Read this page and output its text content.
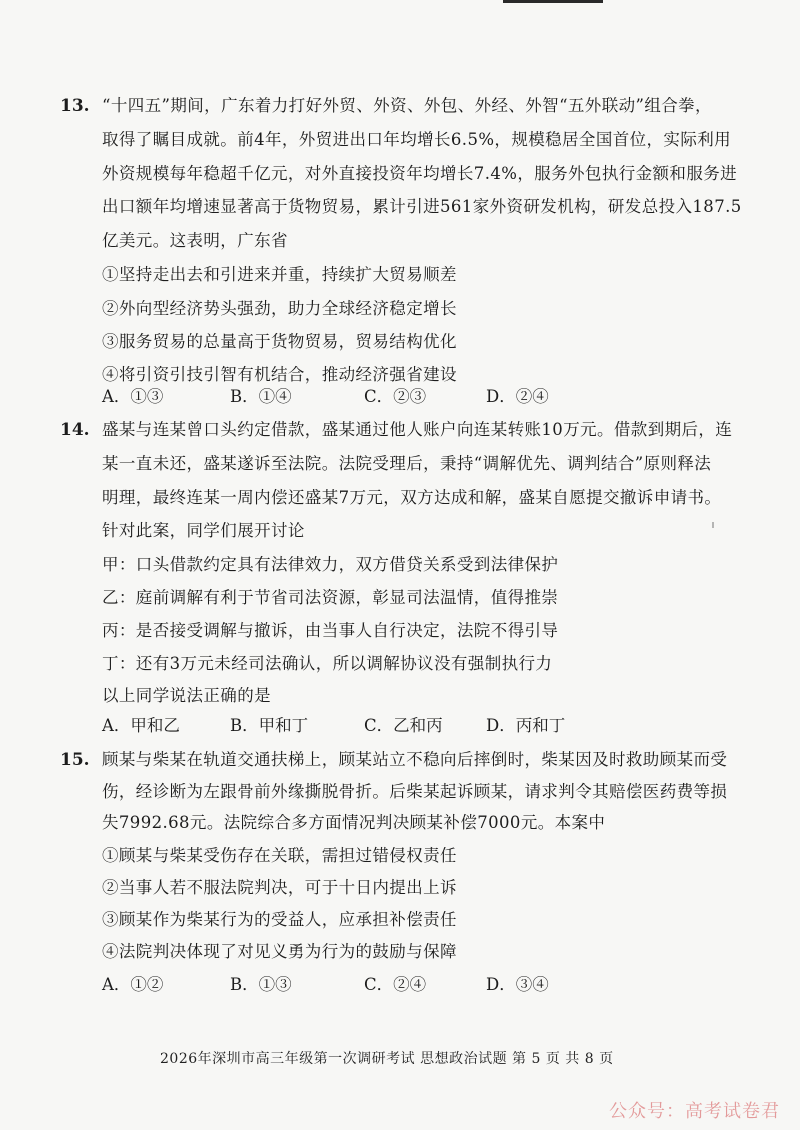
13. “十四五”期间，广东着力打好外贸、外资、外包、外经、外智“五外联动”组合拳，
取得了瞩目成就。前4年，外贸进出口年均增长6.5%，规模稳居全国首位，实际利用
外资规模每年稳超千亿元，对外直接投资年均增长7.4%，服务外包执行金额和服务进
出口额年均增速显著高于货物贸易，累计引进561家外资研发机构，研发总投入187.5
亿美元。这表明，广东省
①坚持走出去和引进来并重，持续扩大贸易顺差
②外向型经济势头强劲，助力全球经济稳定增长
③服务贸易的总量高于货物贸易，贸易结构优化
④将引资引技引智有机结合，推动经济强省建设
A．①③	B．①④	C．②③	D．②④
14. 盛某与连某曾口头约定借款，盛某通过他人账户向连某转账10万元。借款到期后，连
某一直未还，盛某遂诉至法院。法院受理后，秉持“调解优先、调判结合”原则释法
明理，最终连某一周内偿还盛某7万元，双方达成和解，盛某自愿提交撤诉申请书。
针对此案，同学们展开讨论
甲：口头借款约定具有法律效力，双方借贷关系受到法律保护
乙：庭前调解有利于节省司法资源，彰显司法温情，值得推崇
丙：是否接受调解与撤诉，由当事人自行决定，法院不得引导
丁：还有3万元未经司法确认，所以调解协议没有强制执行力
以上同学说法正确的是
A．甲和乙	B．甲和丁	C．乙和丙	D．丙和丁
15. 顾某与柴某在轨道交通扶梯上，顾某站立不稳向后摔倒时，柴某因及时救助顾某而受
伤，经诊断为左跟骨前外缘撕脱骨折。后柴某起诉顾某，请求判令其赔偿医药费等损
失7992.68元。法院综合多方面情况判决顾某补偿7000元。本案中
①顾某与柴某受伤存在关联，需担过错侵权责任
②当事人若不服法院判决，可于十日内提出上诉
③顾某作为柴某行为的受益人，应承担补偿责任
④法院判决体现了对见义勇为行为的鼓励与保障
A．①②	B．①③	C．②④	D．③④
2026年深圳市高三年级第一次调研考试 思想政治试题 第 5 页 共 8 页
公众号：高考试卷君
